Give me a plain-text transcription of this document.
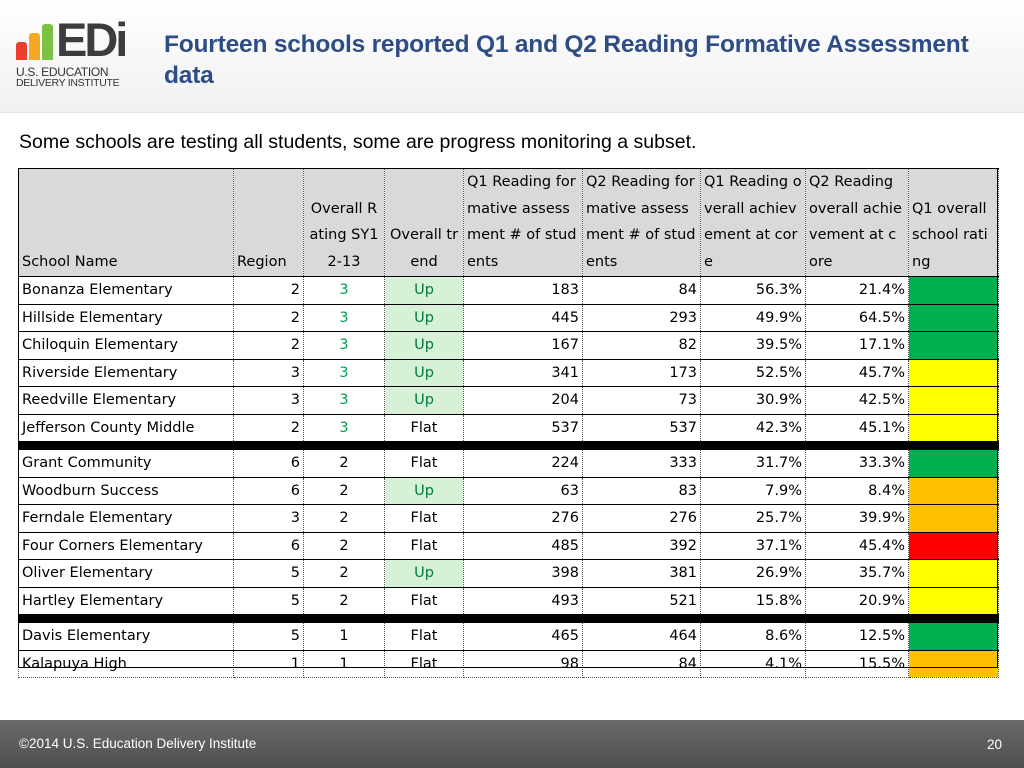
EDi
U.S. EDUCATION
DELIVERY INSTITUTE
Fourteen schools reported Q1 and Q2 Reading Formative Assessment data
Some schools are testing all students, some are progress monitoring a subset.
School Name	Region	Overall Rating SY12-13	Overall trend	Q1 Reading formative assessment # of students	Q2 Reading formative assessment # of students	Q1 Reading overall achievement at core	Q2 Reading overall achievement at core	Q1 overall school rating
Bonanza Elementary	2	3	Up	183	84	56.3%	21.4%	
Hillside Elementary	2	3	Up	445	293	49.9%	64.5%	
Chiloquin Elementary	2	3	Up	167	82	39.5%	17.1%	
Riverside Elementary	3	3	Up	341	173	52.5%	45.7%	
Reedville Elementary	3	3	Up	204	73	30.9%	42.5%	
Jefferson County Middle	2	3	Flat	537	537	42.3%	45.1%	

Grant Community	6	2	Flat	224	333	31.7%	33.3%	
Woodburn Success	6	2	Up	63	83	7.9%	8.4%	
Ferndale Elementary	3	2	Flat	276	276	25.7%	39.9%	
Four Corners Elementary	6	2	Flat	485	392	37.1%	45.4%	
Oliver Elementary	5	2	Up	398	381	26.9%	35.7%	
Hartley Elementary	5	2	Flat	493	521	15.8%	20.9%	

Davis Elementary	5	1	Flat	465	464	8.6%	12.5%	
Kalapuya High	1	1	Flat	98	84	4.1%	15.5%	
©2014 U.S. Education Delivery Institute	20
